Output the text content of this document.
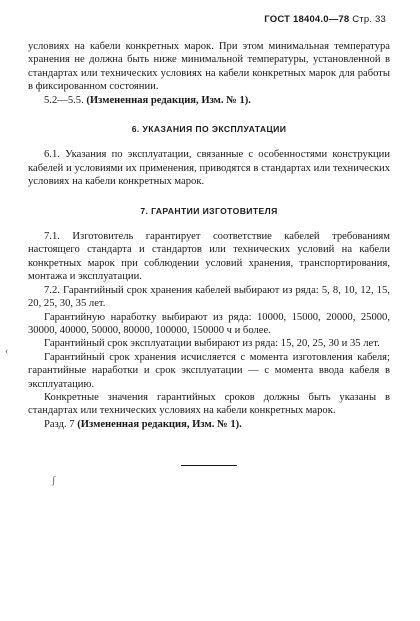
ГОСТ 18404.0—78 Стр. 33

условиях на кабели конкретных марок. При этом минимальная температура хранения не должна быть ниже минимальной температуры, установленной в стандартах или технических условиях на кабели конкретных марок для работы в фиксированном состоянии.

5.2—5.5. (Измененная редакция, Изм. № 1).

6. УКАЗАНИЯ ПО ЭКСПЛУАТАЦИИ

6.1. Указания по эксплуатации, связанные с особенностями конструкции кабелей и условиями их применения, приводятся в стандартах или технических условиях на кабели конкретных марок.

7. ГАРАНТИИ ИЗГОТОВИТЕЛЯ

7.1. Изготовитель гарантирует соответствие кабелей требованиям настоящего стандарта и стандартов или технических условий на кабели конкретных марок при соблюдении условий хранения, транспортирования, монтажа и эксплуатации.

7.2. Гарантийный срок хранения кабелей выбирают из ряда: 5, 8, 10, 12, 15, 20, 25, 30, 35 лет.

Гарантийную наработку выбирают из ряда: 10000, 15000, 20000, 25000, 30000, 40000, 50000, 80000, 100000, 150000 ч и более.

Гарантийный срок эксплуатации выбирают из ряда: 15, 20, 25, 30 и 35 лет.

Гарантийный срок хранения исчисляется с момента изготовления кабеля; гарантийные наработки и срок эксплуатации — с момента ввода кабеля в эксплуатацию.

Конкретные значения гарантийных сроков должны быть указаны в стандартах или технических условиях на кабели конкретных марок.

Разд. 7 (Измененная редакция, Изм. № 1).

‹
ʃ
